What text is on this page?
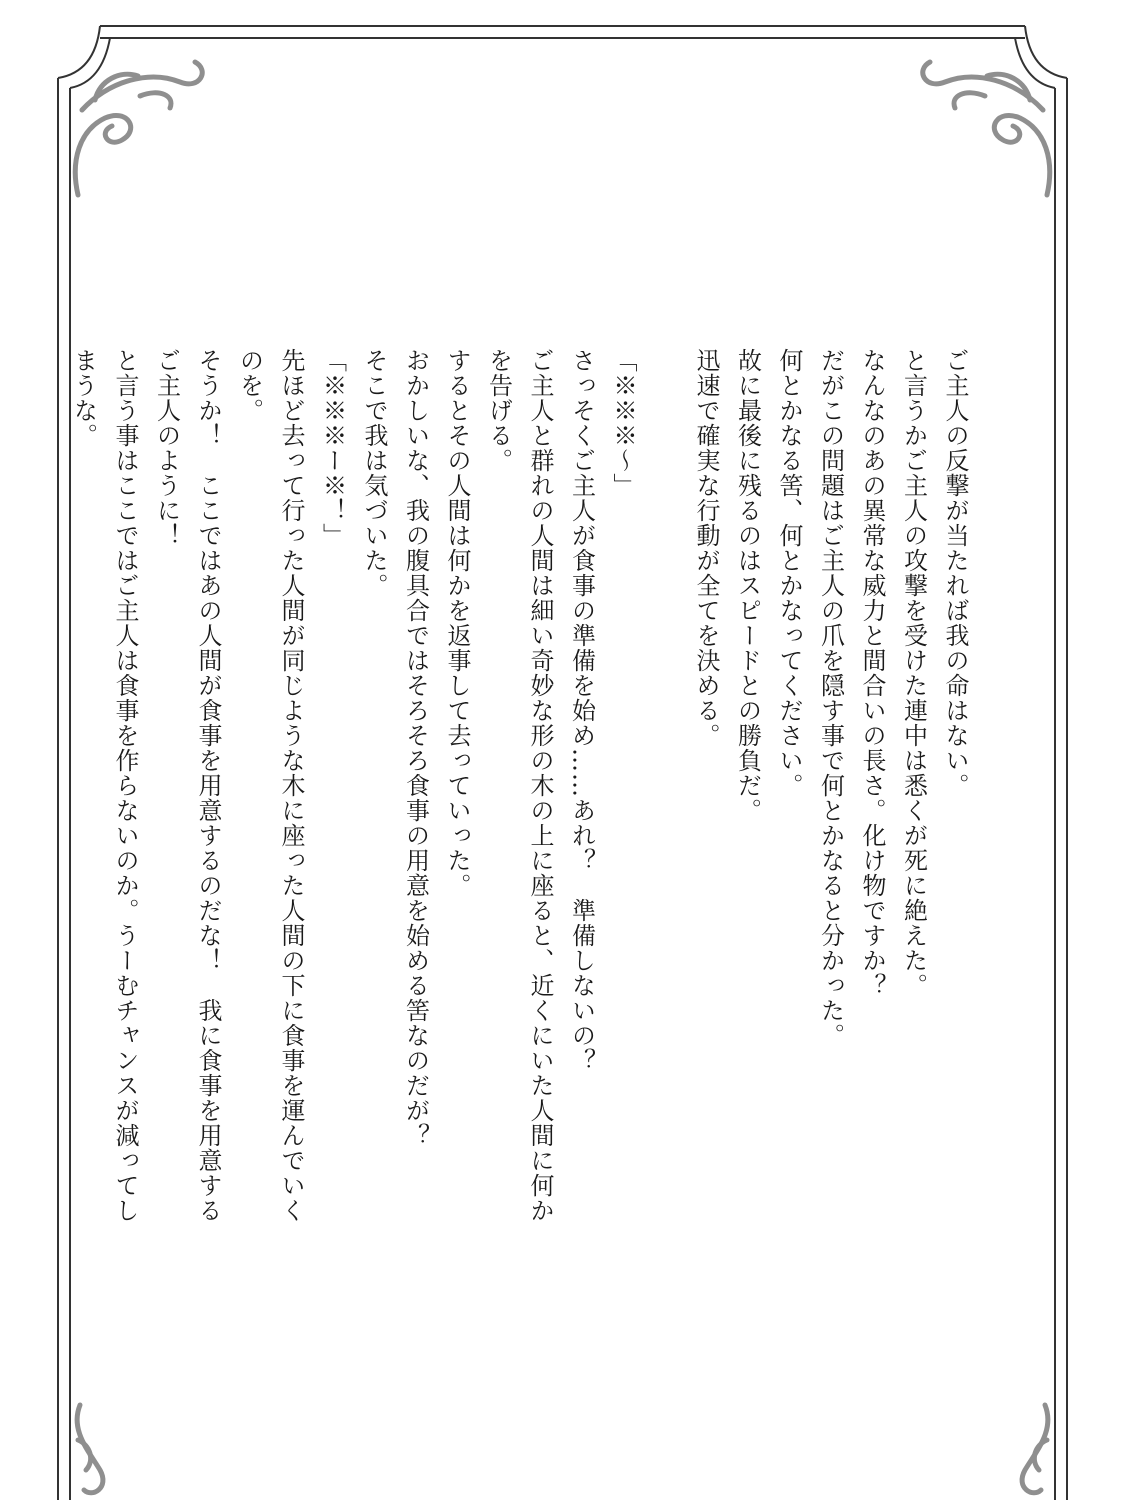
ご主人の反撃が当たれば我の命はない。
と言うかご主人の攻撃を受けた連中は悉くが死に絶えた。
なんなのあの異常な威力と間合いの長さ。化け物ですか？
だがこの問題はご主人の爪を隠す事で何とかなると分かった。
何とかなる筈、何とかなってください。
故に最後に残るのはスピードとの勝負だ。
迅速で確実な行動が全てを決める。

「※※※～」
さっそくご主人が食事の準備を始め……あれ？　準備しないの？
ご主人と群れの人間は細い奇妙な形の木の上に座ると、近くにいた人間に何か
を告げる。
するとその人間は何かを返事して去っていった。
おかしいな、我の腹具合ではそろそろ食事の用意を始める筈なのだが？
そこで我は気づいた。
「※※※ー※！」
先ほど去って行った人間が同じような木に座った人間の下に食事を運んでいく
のを。
そうか！　ここではあの人間が食事を用意するのだな！　我に食事を用意する
ご主人のように！
と言う事はここではご主人は食事を作らないのか。うーむチャンスが減ってし
まうな。
